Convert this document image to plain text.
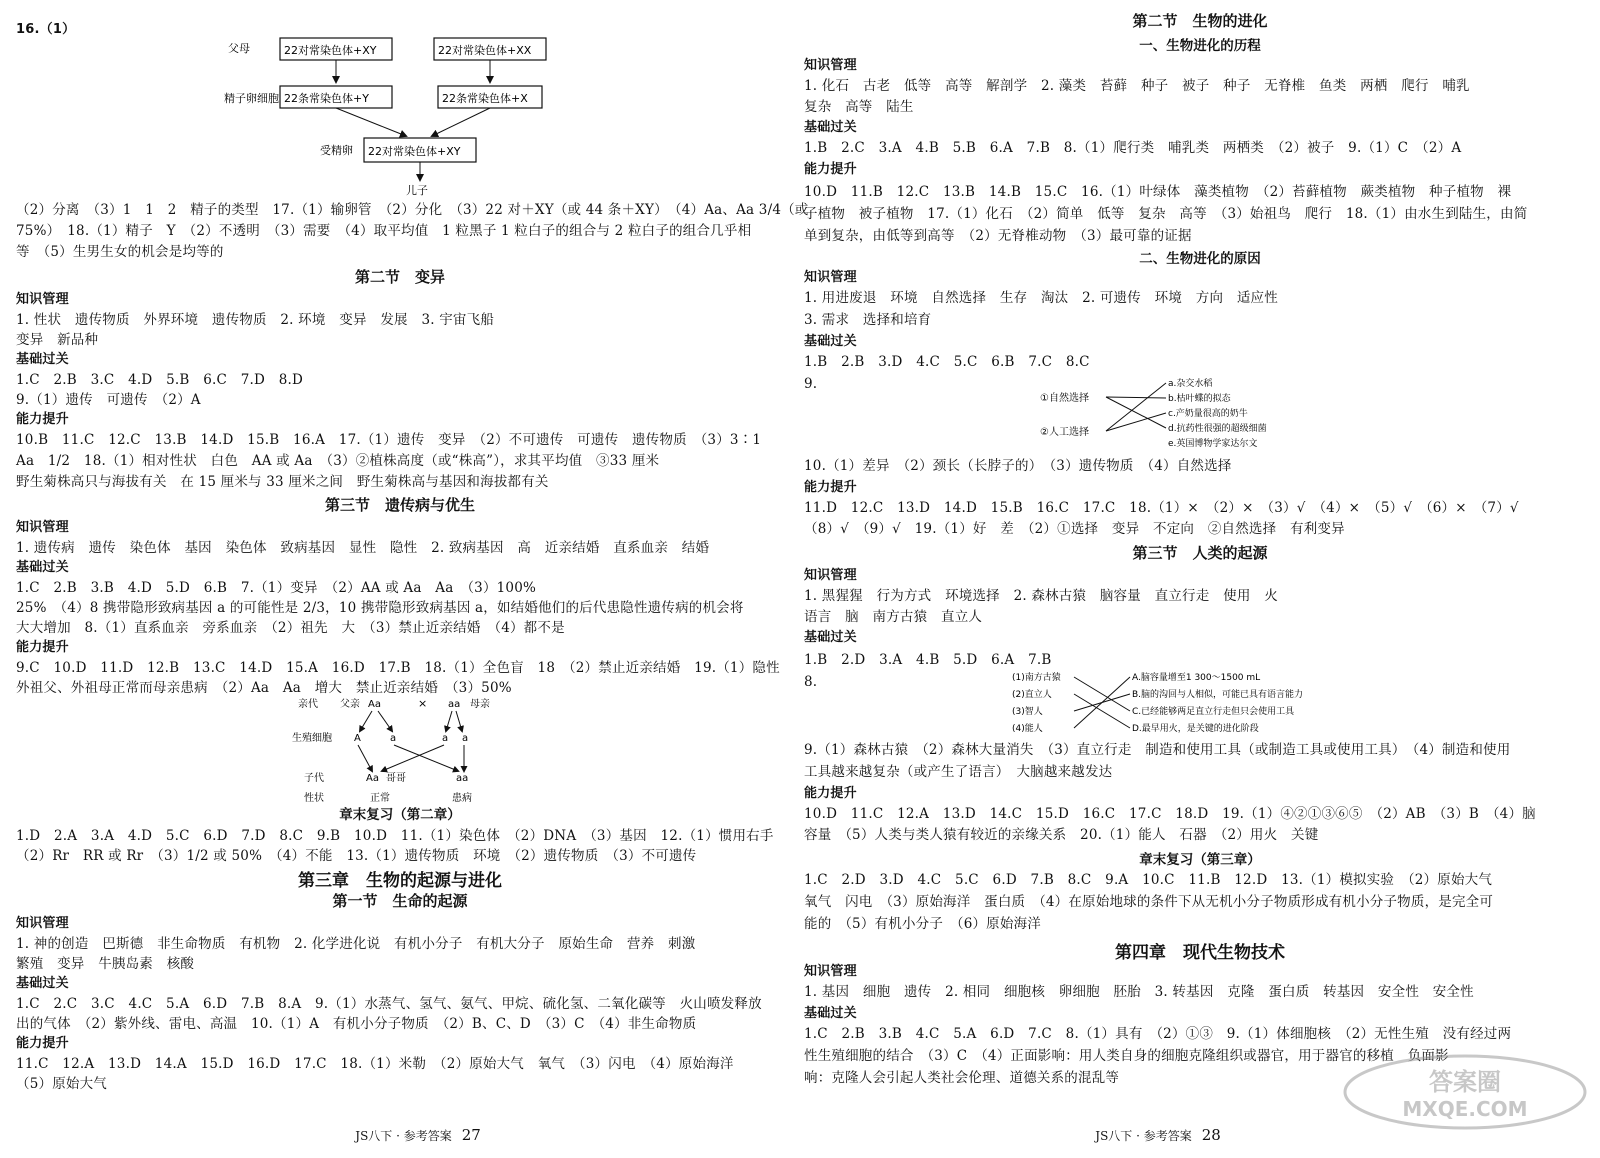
16.（1）
父母	22对常染色体+XY	22对常染色体+XX
精子卵细胞 22条常染色体+Y	22条常染色体+X
受精卵 22对常染色体+XY
儿子
（2）分离　（3）1　1　2　精子的类型　17.（1）输卵管　（2）分化　（3）22 对＋XY（或 44 条＋XY）　（4）Aa、Aa 3/4（或
75%）　18.（1）精子　Y　（2）不透明　（3）需要　（4）取平均值　1 粒黑子 1 粒白子的组合与 2 粒白子的组合几乎相
等　（5）生男生女的机会是均等的
第二节　变异
知识管理
1. 性状　遗传物质　外界环境　遗传物质　2. 环境　变异　发展　3. 宇宙飞船
变异　新品种
基础过关
1.C　2.B　3.C　4.D　5.B　6.C　7.D　8.D
9.（1）遗传　可遗传　（2）A
能力提升
10.B　11.C　12.C　13.B　14.D　15.B　16.A　17.（1）遗传　变异　（2）不可遗传　可遗传　遗传物质　（3）3∶1
Aa　1/2　18.（1）相对性状　白色　AA 或 Aa　（3）②植株高度（或“株高”），求其平均值　③33 厘米
野生菊株高只与海拔有关　在 15 厘米与 33 厘米之间　野生菊株高与基因和海拔都有关
第三节　遗传病与优生
知识管理
1. 遗传病　遗传　染色体　基因　染色体　致病基因　显性　隐性　2. 致病基因　高　近亲结婚　直系血亲　结婚
基础过关
1.C　2.B　3.B　4.D　5.D　6.B　7.（1）变异　（2）AA 或 Aa　Aa　（3）100%
25%　（4）8 携带隐形致病基因 a 的可能性是 2/3，10 携带隐形致病基因 a，如结婚他们的后代患隐性遗传病的机会将
大大增加　8.（1）直系血亲　旁系血亲　（2）祖先　大　（3）禁止近亲结婚　（4）都不是
能力提升
9.C　10.D　11.D　12.B　13.C　14.D　15.A　16.D　17.B　18.（1）全色盲　18　（2）禁止近亲结婚　19.（1）隐性
外祖父、外祖母正常而母亲患病　（2）Aa　Aa　增大　禁止近亲结婚　（3）50%
亲代 父亲 Aa	× aa 母亲
生殖细胞 A	a	a a
子代	Aa 哥哥	aa
性状	正常	患病
章末复习（第二章）
1.D　2.A　3.A　4.D　5.C　6.D　7.D　8.C　9.B　10.D　11.（1）染色体　（2）DNA　（3）基因　12.（1）惯用右手
（2）Rr　RR 或 Rr　（3）1/2 或 50%　（4）不能　13.（1）遗传物质　环境　（2）遗传物质　（3）不可遗传
第三章　生物的起源与进化
第一节　生命的起源
知识管理
1. 神的创造　巴斯德　非生命物质　有机物　2. 化学进化说　有机小分子　有机大分子　原始生命　营养　刺激
繁殖　变异　牛胰岛素　核酸
基础过关
1.C　2.C　3.C　4.C　5.A　6.D　7.B　8.A　9.（1）水蒸气、氢气、氨气、甲烷、硫化氢、二氧化碳等　火山喷发释放
出的气体　（2）紫外线、雷电、高温　10.（1）A　有机小分子物质　（2）B、C、D　（3）C　（4）非生命物质
能力提升
11.C　12.A　13.D　14.A　15.D　16.D　17.C　18.（1）米勒　（2）原始大气　氧气　（3）闪电　（4）原始海洋
（5）原始大气

JS八下 · 参考答案 27

第二节　生物的进化
一、生物进化的历程
知识管理
1. 化石　古老　低等　高等　解剖学　2. 藻类　苔藓　种子　被子　种子　无脊椎　鱼类　两栖　爬行　哺乳
复杂　高等　陆生
基础过关
1.B　2.C　3.A　4.B　5.B　6.A　7.B　8.（1）爬行类　哺乳类　两栖类　（2）被子　9.（1）C　（2）A
能力提升
10.D　11.B　12.C　13.B　14.B　15.C　16.（1）叶绿体　藻类植物　（2）苔藓植物　蕨类植物　种子植物　裸
子植物　被子植物　17.（1）化石　（2）简单　低等　复杂　高等　（3）始祖鸟　爬行　18.（1）由水生到陆生，由简
单到复杂，由低等到高等　（2）无脊椎动物　（3）最可靠的证据
二、生物进化的原因
知识管理
1. 用进废退　环境　自然选择　生存　淘汰　2. 可遗传　环境　方向　适应性
3. 需求　选择和培育
基础过关
1.B　2.B　3.D　4.C　5.C　6.B　7.C　8.C
9.
①自然选择
②人工选择
a.杂交水稻
b.枯叶蝶的拟态
c.产奶量很高的奶牛
d.抗药性很强的超级细菌
e.英国博物学家达尔文
10.（1）差异　（2）颈长（长脖子的）　（3）遗传物质　（4）自然选择
能力提升
11.D　12.C　13.D　14.D　15.B　16.C　17.C　18.（1）×　（2）×　（3）√　（4）×　（5）√　（6）×　（7）√
（8）√　（9）√　19.（1）好　差　（2）①选择　变异　不定向　②自然选择　有利变异
第三节　人类的起源
知识管理
1. 黑猩猩　行为方式　环境选择　2. 森林古猿　脑容量　直立行走　使用　火
语言　脑　南方古猿　直立人
基础过关
1.B　2.D　3.A　4.B　5.D　6.A　7.B
8.	(1)南方古猿
(2)直立人
(3)智人
(4)能人
A.脑容量增至1 300～1500 mL
B.脑的沟回与人相似，可能已具有语言能力
C.已经能够两足直立行走但只会使用工具
D.最早用火，是关键的进化阶段
9.（1）森林古猿　（2）森林大量消失　（3）直立行走　制造和使用工具（或制造工具或使用工具）　（4）制造和使用
工具越来越复杂（或产生了语言）　大脑越来越发达
能力提升
10.D　11.C　12.A　13.D　14.C　15.D　16.C　17.C　18.D　19.（1）④②①③⑥⑤　（2）AB　（3）B　（4）脑
容量　（5）人类与类人猿有较近的亲缘关系　20.（1）能人　石器　（2）用火　关键
章末复习（第三章）
1.C　2.D　3.D　4.C　5.C　6.D　7.B　8.C　9.A　10.C　11.B　12.D　13.（1）模拟实验　（2）原始大气
氧气　闪电　（3）原始海洋　蛋白质　（4）在原始地球的条件下从无机小分子物质形成有机小分子物质，是完全可
能的　（5）有机小分子　（6）原始海洋
第四章　现代生物技术
知识管理
1. 基因　细胞　遗传　2. 相同　细胞核　卵细胞　胚胎　3. 转基因　克隆　蛋白质　转基因　安全性　安全性
基础过关
1.C　2.B　3.B　4.C　5.A　6.D　7.C　8.（1）具有　（2）①③　9.（1）体细胞核　（2）无性生殖　没有经过两
性生殖细胞的结合　（3）C　（4）正面影响：用人类自身的细胞克隆组织或器官，用于器官的移植　负面影
响：克隆人会引起人类社会伦理、道德关系的混乱等

JS八下 · 参考答案 28

答案圈
MXQE.COM
